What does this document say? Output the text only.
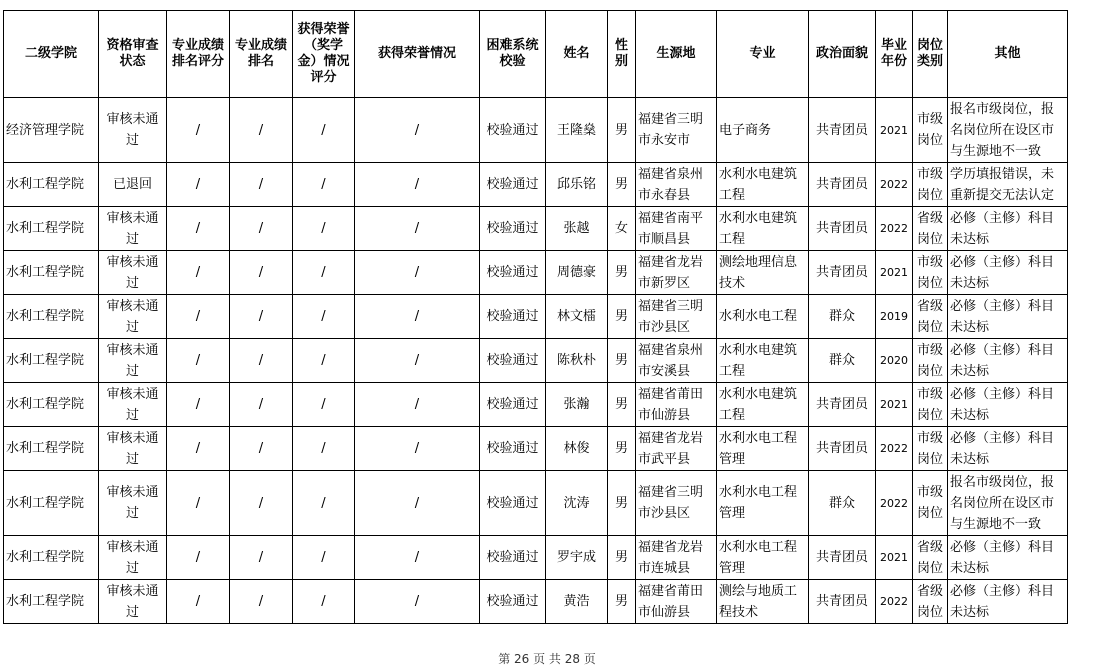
二级学院	资格审查状态	专业成绩排名评分	专业成绩排名	获得荣誉（奖学金）情况评分	获得荣誉情况	困难系统校验	姓名	性别	生源地	专业	政治面貌	毕业年份	岗位类别	其他
经济管理学院	审核未通过	/	/	/	/	校验通过	王隆燊	男	福建省三明市永安市	电子商务	共青团员	2021	市级岗位	报名市级岗位，报名岗位所在设区市与生源地不一致
水利工程学院	已退回	/	/	/	/	校验通过	邱乐铭	男	福建省泉州市永春县	水利水电建筑工程	共青团员	2022	市级岗位	学历填报错误，未重新提交无法认定
水利工程学院	审核未通过	/	/	/	/	校验通过	张越	女	福建省南平市顺昌县	水利水电建筑工程	共青团员	2022	省级岗位	必修（主修）科目未达标
水利工程学院	审核未通过	/	/	/	/	校验通过	周德豪	男	福建省龙岩市新罗区	测绘地理信息技术	共青团员	2021	市级岗位	必修（主修）科目未达标
水利工程学院	审核未通过	/	/	/	/	校验通过	林文檑	男	福建省三明市沙县区	水利水电工程	群众	2019	省级岗位	必修（主修）科目未达标
水利工程学院	审核未通过	/	/	/	/	校验通过	陈秋朴	男	福建省泉州市安溪县	水利水电建筑工程	群众	2020	市级岗位	必修（主修）科目未达标
水利工程学院	审核未通过	/	/	/	/	校验通过	张瀚	男	福建省莆田市仙游县	水利水电建筑工程	共青团员	2021	市级岗位	必修（主修）科目未达标
水利工程学院	审核未通过	/	/	/	/	校验通过	林俊	男	福建省龙岩市武平县	水利水电工程管理	共青团员	2022	市级岗位	必修（主修）科目未达标
水利工程学院	审核未通过	/	/	/	/	校验通过	沈涛	男	福建省三明市沙县区	水利水电工程管理	群众	2022	市级岗位	报名市级岗位，报名岗位所在设区市与生源地不一致
水利工程学院	审核未通过	/	/	/	/	校验通过	罗宇成	男	福建省龙岩市连城县	水利水电工程管理	共青团员	2021	省级岗位	必修（主修）科目未达标
水利工程学院	审核未通过	/	/	/	/	校验通过	黄浩	男	福建省莆田市仙游县	测绘与地质工程技术	共青团员	2022	省级岗位	必修（主修）科目未达标
第 26 页 共 28 页
